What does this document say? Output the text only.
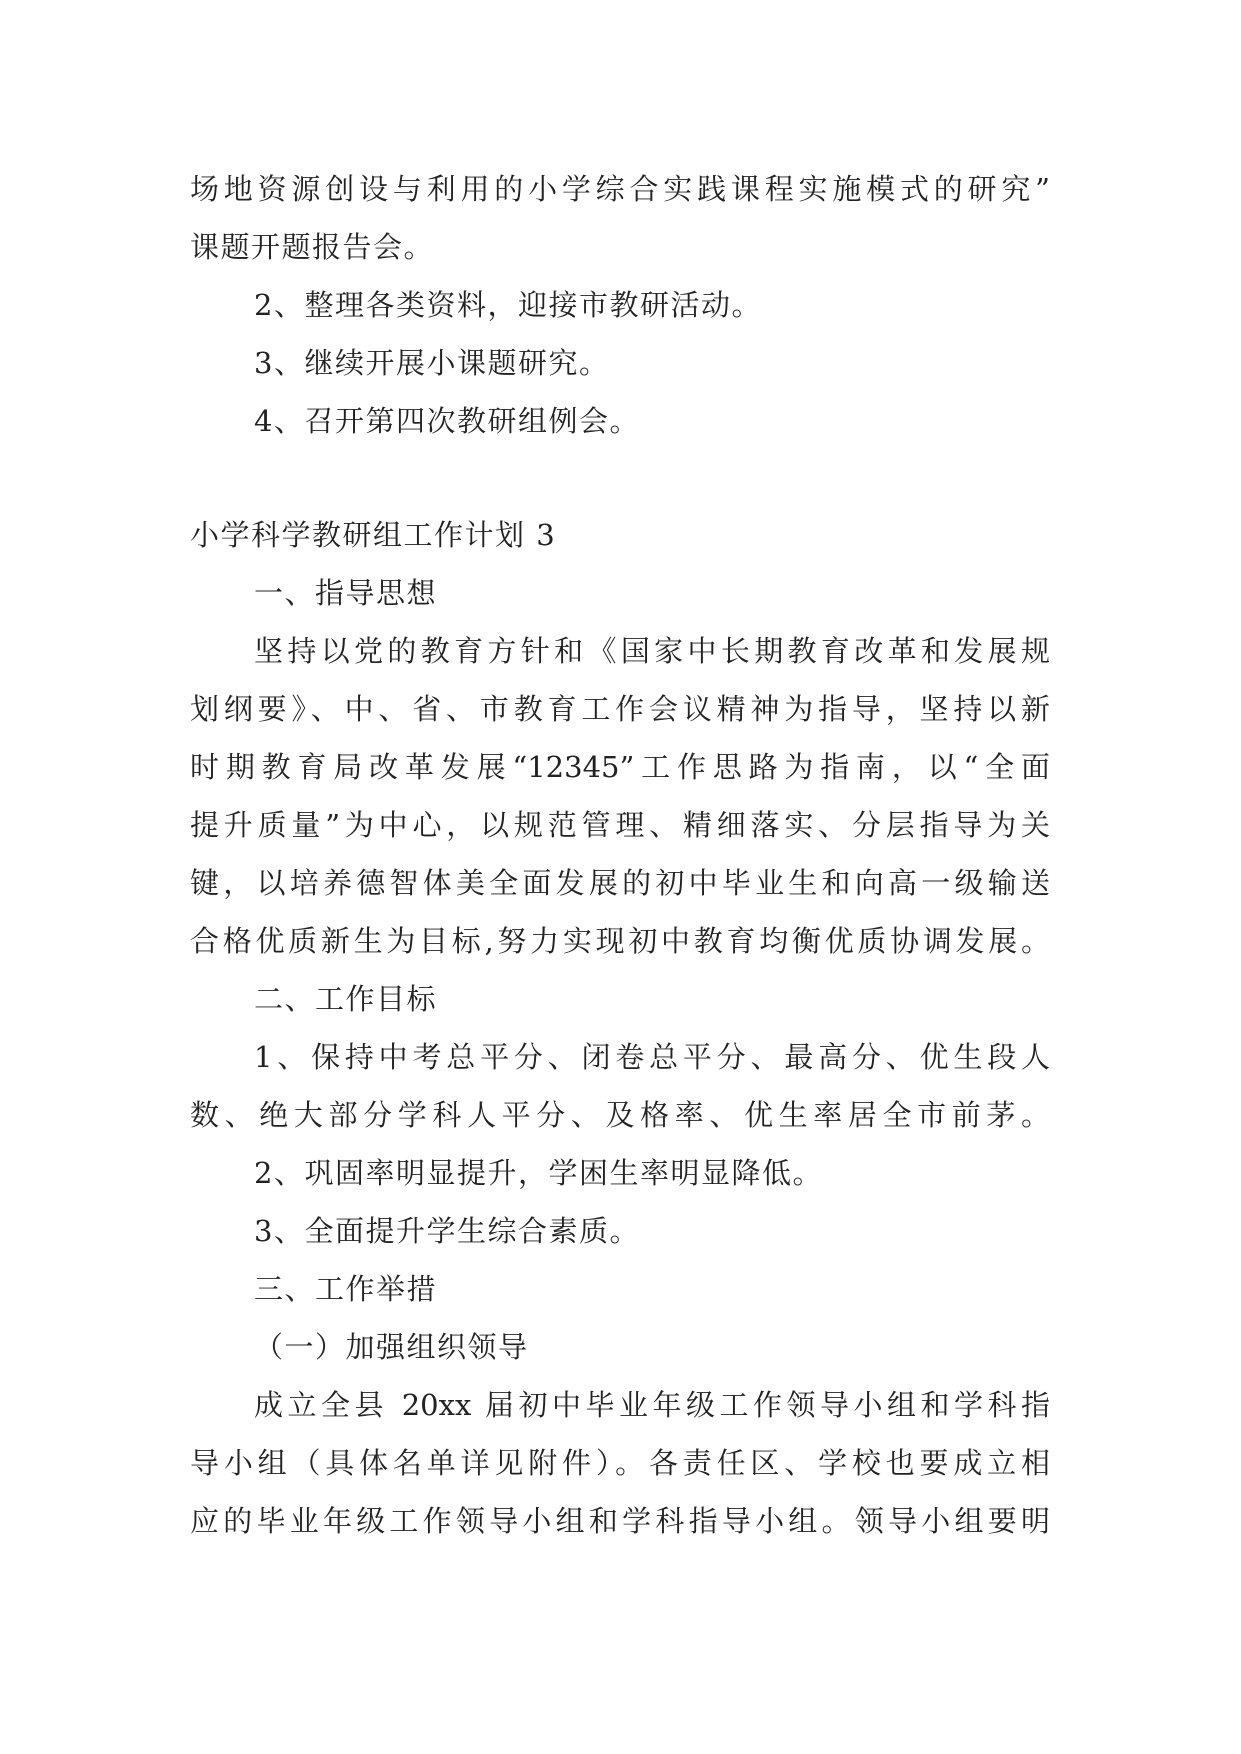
场地资源创设与利用的小学综合实践课程实施模式的研究”
课题开题报告会。
2、整理各类资料，迎接市教研活动。
3、继续开展小课题研究。
4、召开第四次教研组例会。
小学科学教研组工作计划 3
一、指导思想
坚持以党的教育方针和《国家中长期教育改革和发展规
划纲要》、中、省、市教育工作会议精神为指导，坚持以新
时期教育局改革发展“12345”工作思路为指南，以“全面
提升质量”为中心，以规范管理、精细落实、分层指导为关
键，以培养德智体美全面发展的初中毕业生和向高一级输送
合格优质新生为目标,努力实现初中教育均衡优质协调发展。
二、工作目标
1、保持中考总平分、闭卷总平分、最高分、优生段人
数、绝大部分学科人平分、及格率、优生率居全市前茅。
2、巩固率明显提升，学困生率明显降低。
3、全面提升学生综合素质。
三、工作举措
（一）加强组织领导
成立全县 20xx 届初中毕业年级工作领导小组和学科指
导小组（具体名单详见附件）。各责任区、学校也要成立相
应的毕业年级工作领导小组和学科指导小组。领导小组要明
